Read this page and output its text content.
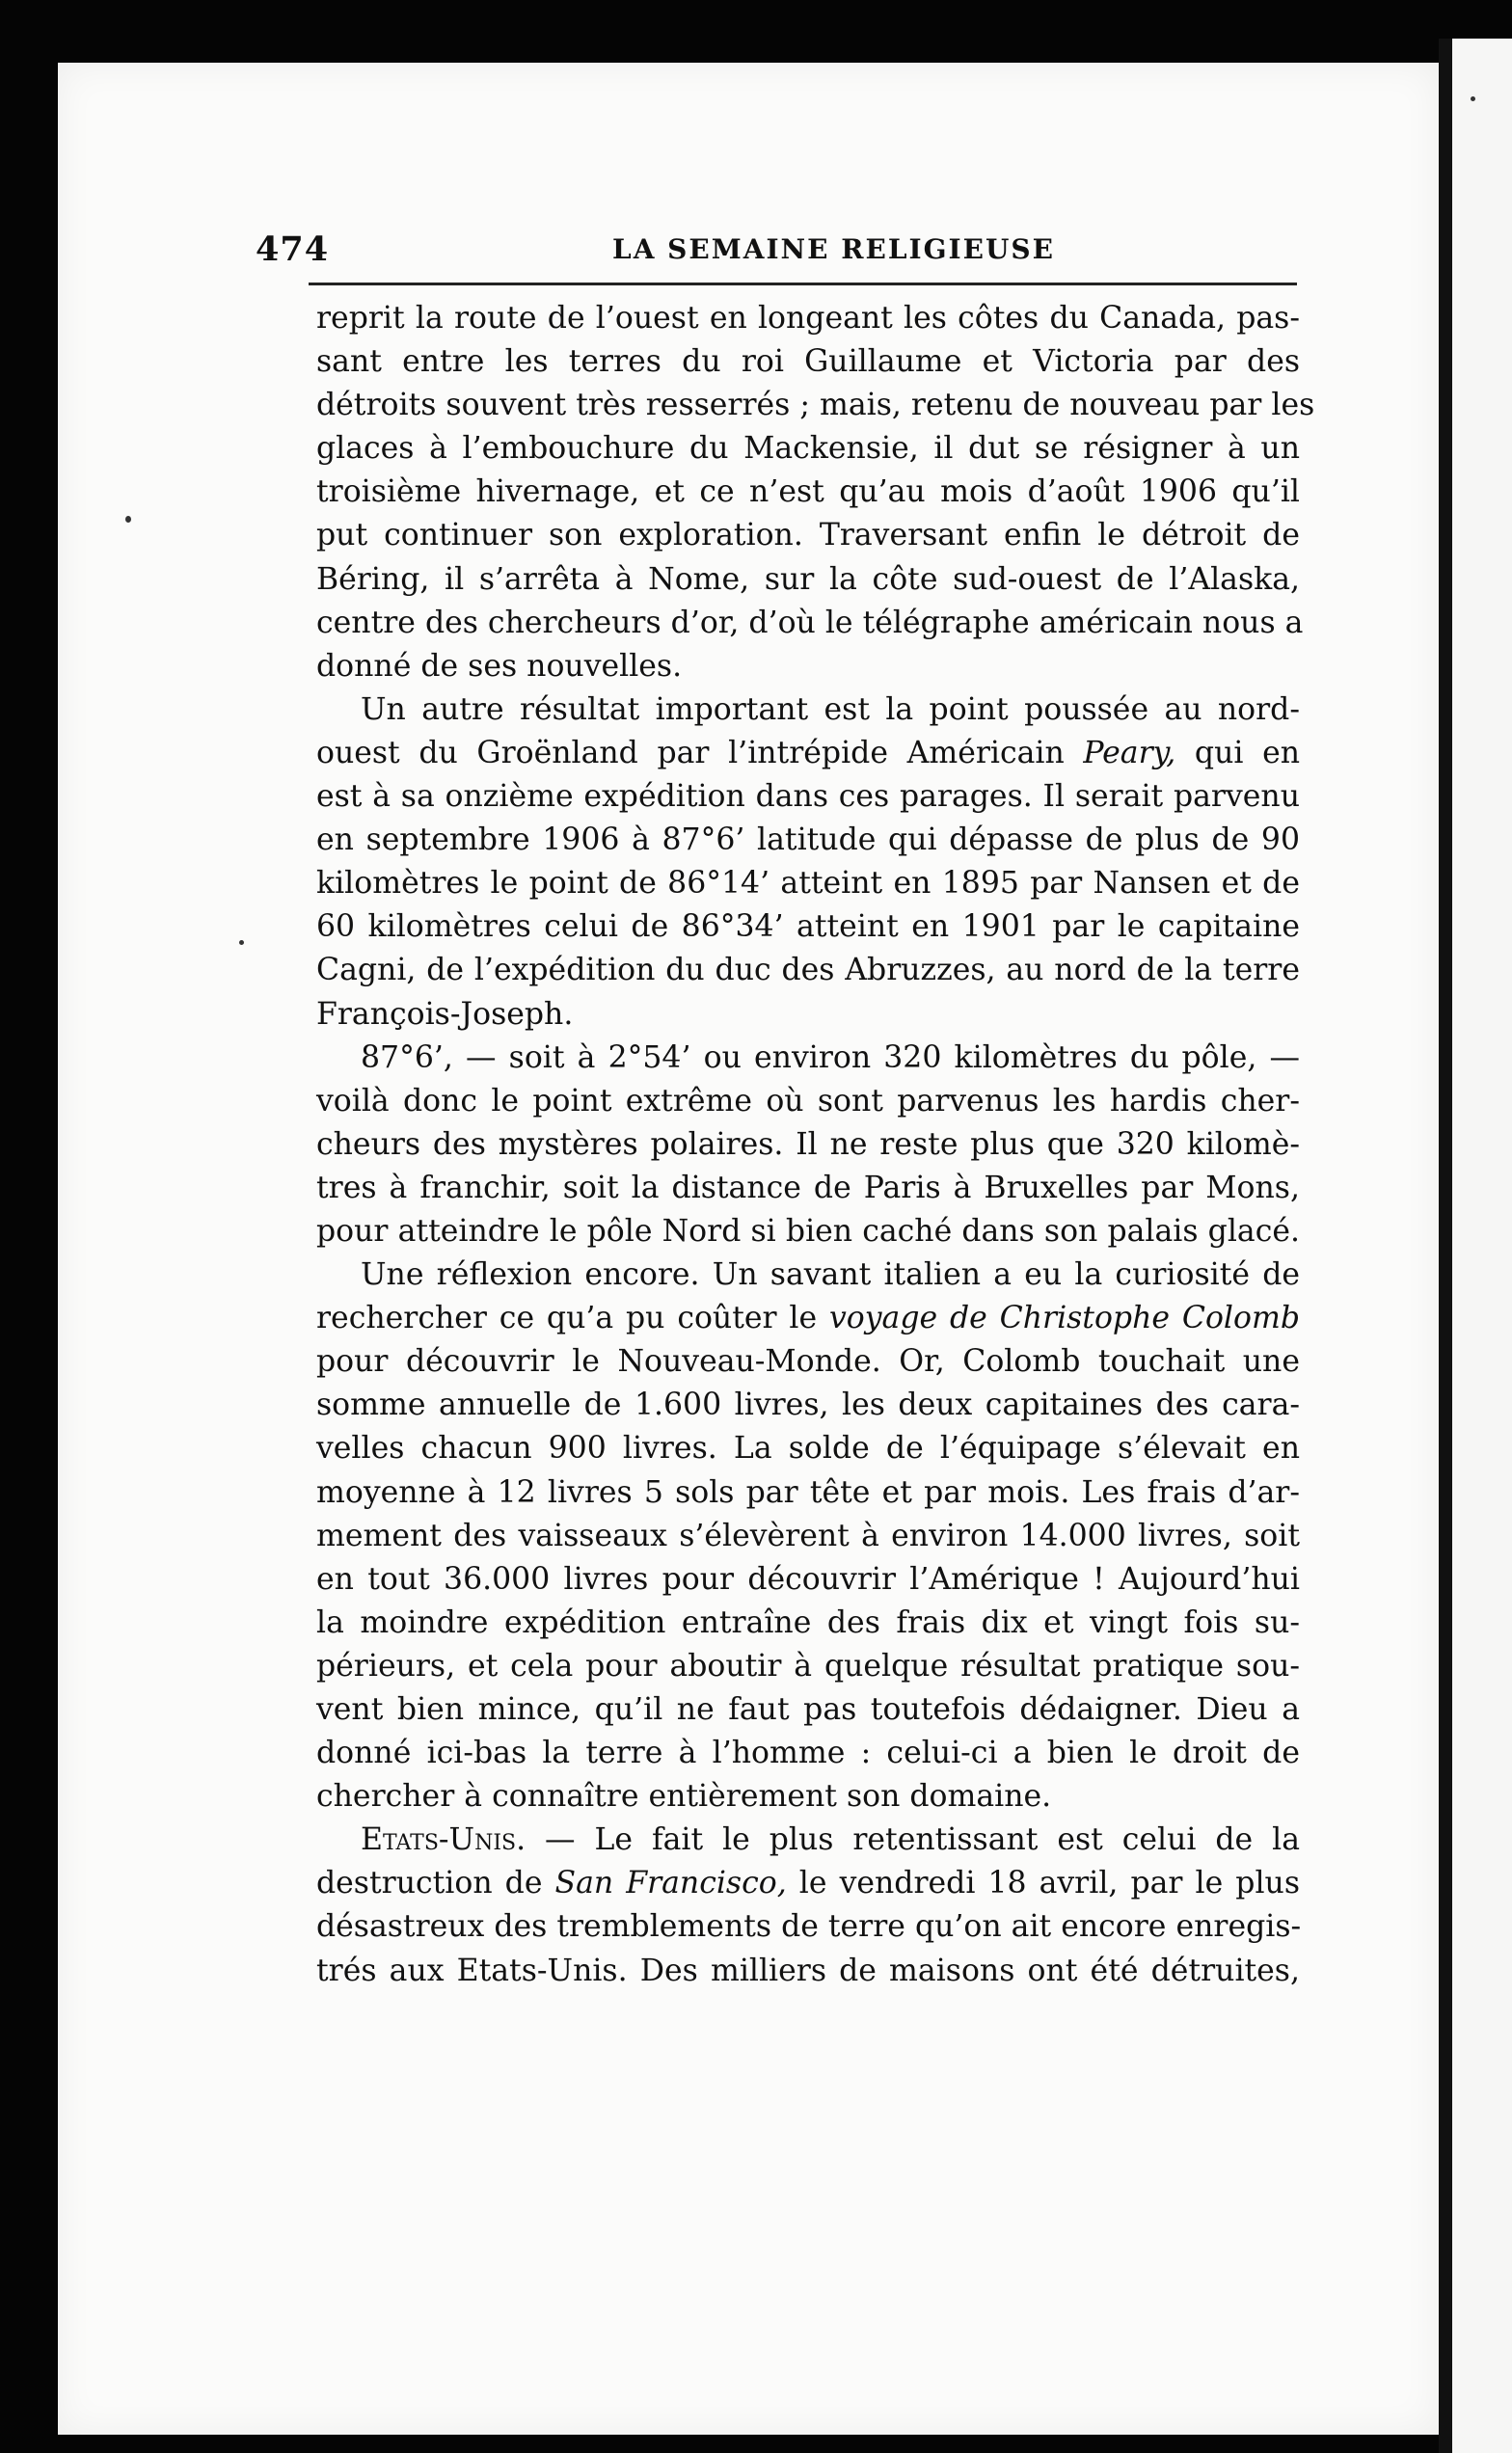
474	LA SEMAINE RELIGIEUSE
reprit la route de l’ouest en longeant les côtes du Canada, pas-
sant entre les terres du roi Guillaume et Victoria par des
détroits souvent très resserrés ; mais, retenu de nouveau par les
glaces à l’embouchure du Mackensie, il dut se résigner à un
troisième hivernage, et ce n’est qu’au mois d’août 1906 qu’il
put continuer son exploration. Traversant enfin le détroit de
Béring, il s’arrêta à Nome, sur la côte sud-ouest de l’Alaska,
centre des chercheurs d’or, d’où le télégraphe américain nous a
donné de ses nouvelles.
Un autre résultat important est la point poussée au nord-
ouest du Groënland par l’intrépide Américain Peary, qui en
est à sa onzième expédition dans ces parages. Il serait parvenu
en septembre 1906 à 87°6’ latitude qui dépasse de plus de 90
kilomètres le point de 86°14’ atteint en 1895 par Nansen et de
60 kilomètres celui de 86°34’ atteint en 1901 par le capitaine
Cagni, de l’expédition du duc des Abruzzes, au nord de la terre
François-Joseph.
87°6’, — soit à 2°54’ ou environ 320 kilomètres du pôle, —
voilà donc le point extrême où sont parvenus les hardis cher-
cheurs des mystères polaires. Il ne reste plus que 320 kilomè-
tres à franchir, soit la distance de Paris à Bruxelles par Mons,
pour atteindre le pôle Nord si bien caché dans son palais glacé.
Une réflexion encore. Un savant italien a eu la curiosité de
rechercher ce qu’a pu coûter le voyage de Christophe Colomb
pour découvrir le Nouveau-Monde. Or, Colomb touchait une
somme annuelle de 1.600 livres, les deux capitaines des cara-
velles chacun 900 livres. La solde de l’équipage s’élevait en
moyenne à 12 livres 5 sols par tête et par mois. Les frais d’ar-
mement des vaisseaux s’élevèrent à environ 14.000 livres, soit
en tout 36.000 livres pour découvrir l’Amérique ! Aujourd’hui
la moindre expédition entraîne des frais dix et vingt fois su-
périeurs, et cela pour aboutir à quelque résultat pratique sou-
vent bien mince, qu’il ne faut pas toutefois dédaigner. Dieu a
donné ici-bas la terre à l’homme : celui-ci a bien le droit de
chercher à connaître entièrement son domaine.
Etats-Unis. — Le fait le plus retentissant est celui de la
destruction de San Francisco, le vendredi 18 avril, par le plus
désastreux des tremblements de terre qu’on ait encore enregis-
trés aux Etats-Unis. Des milliers de maisons ont été détruites,
